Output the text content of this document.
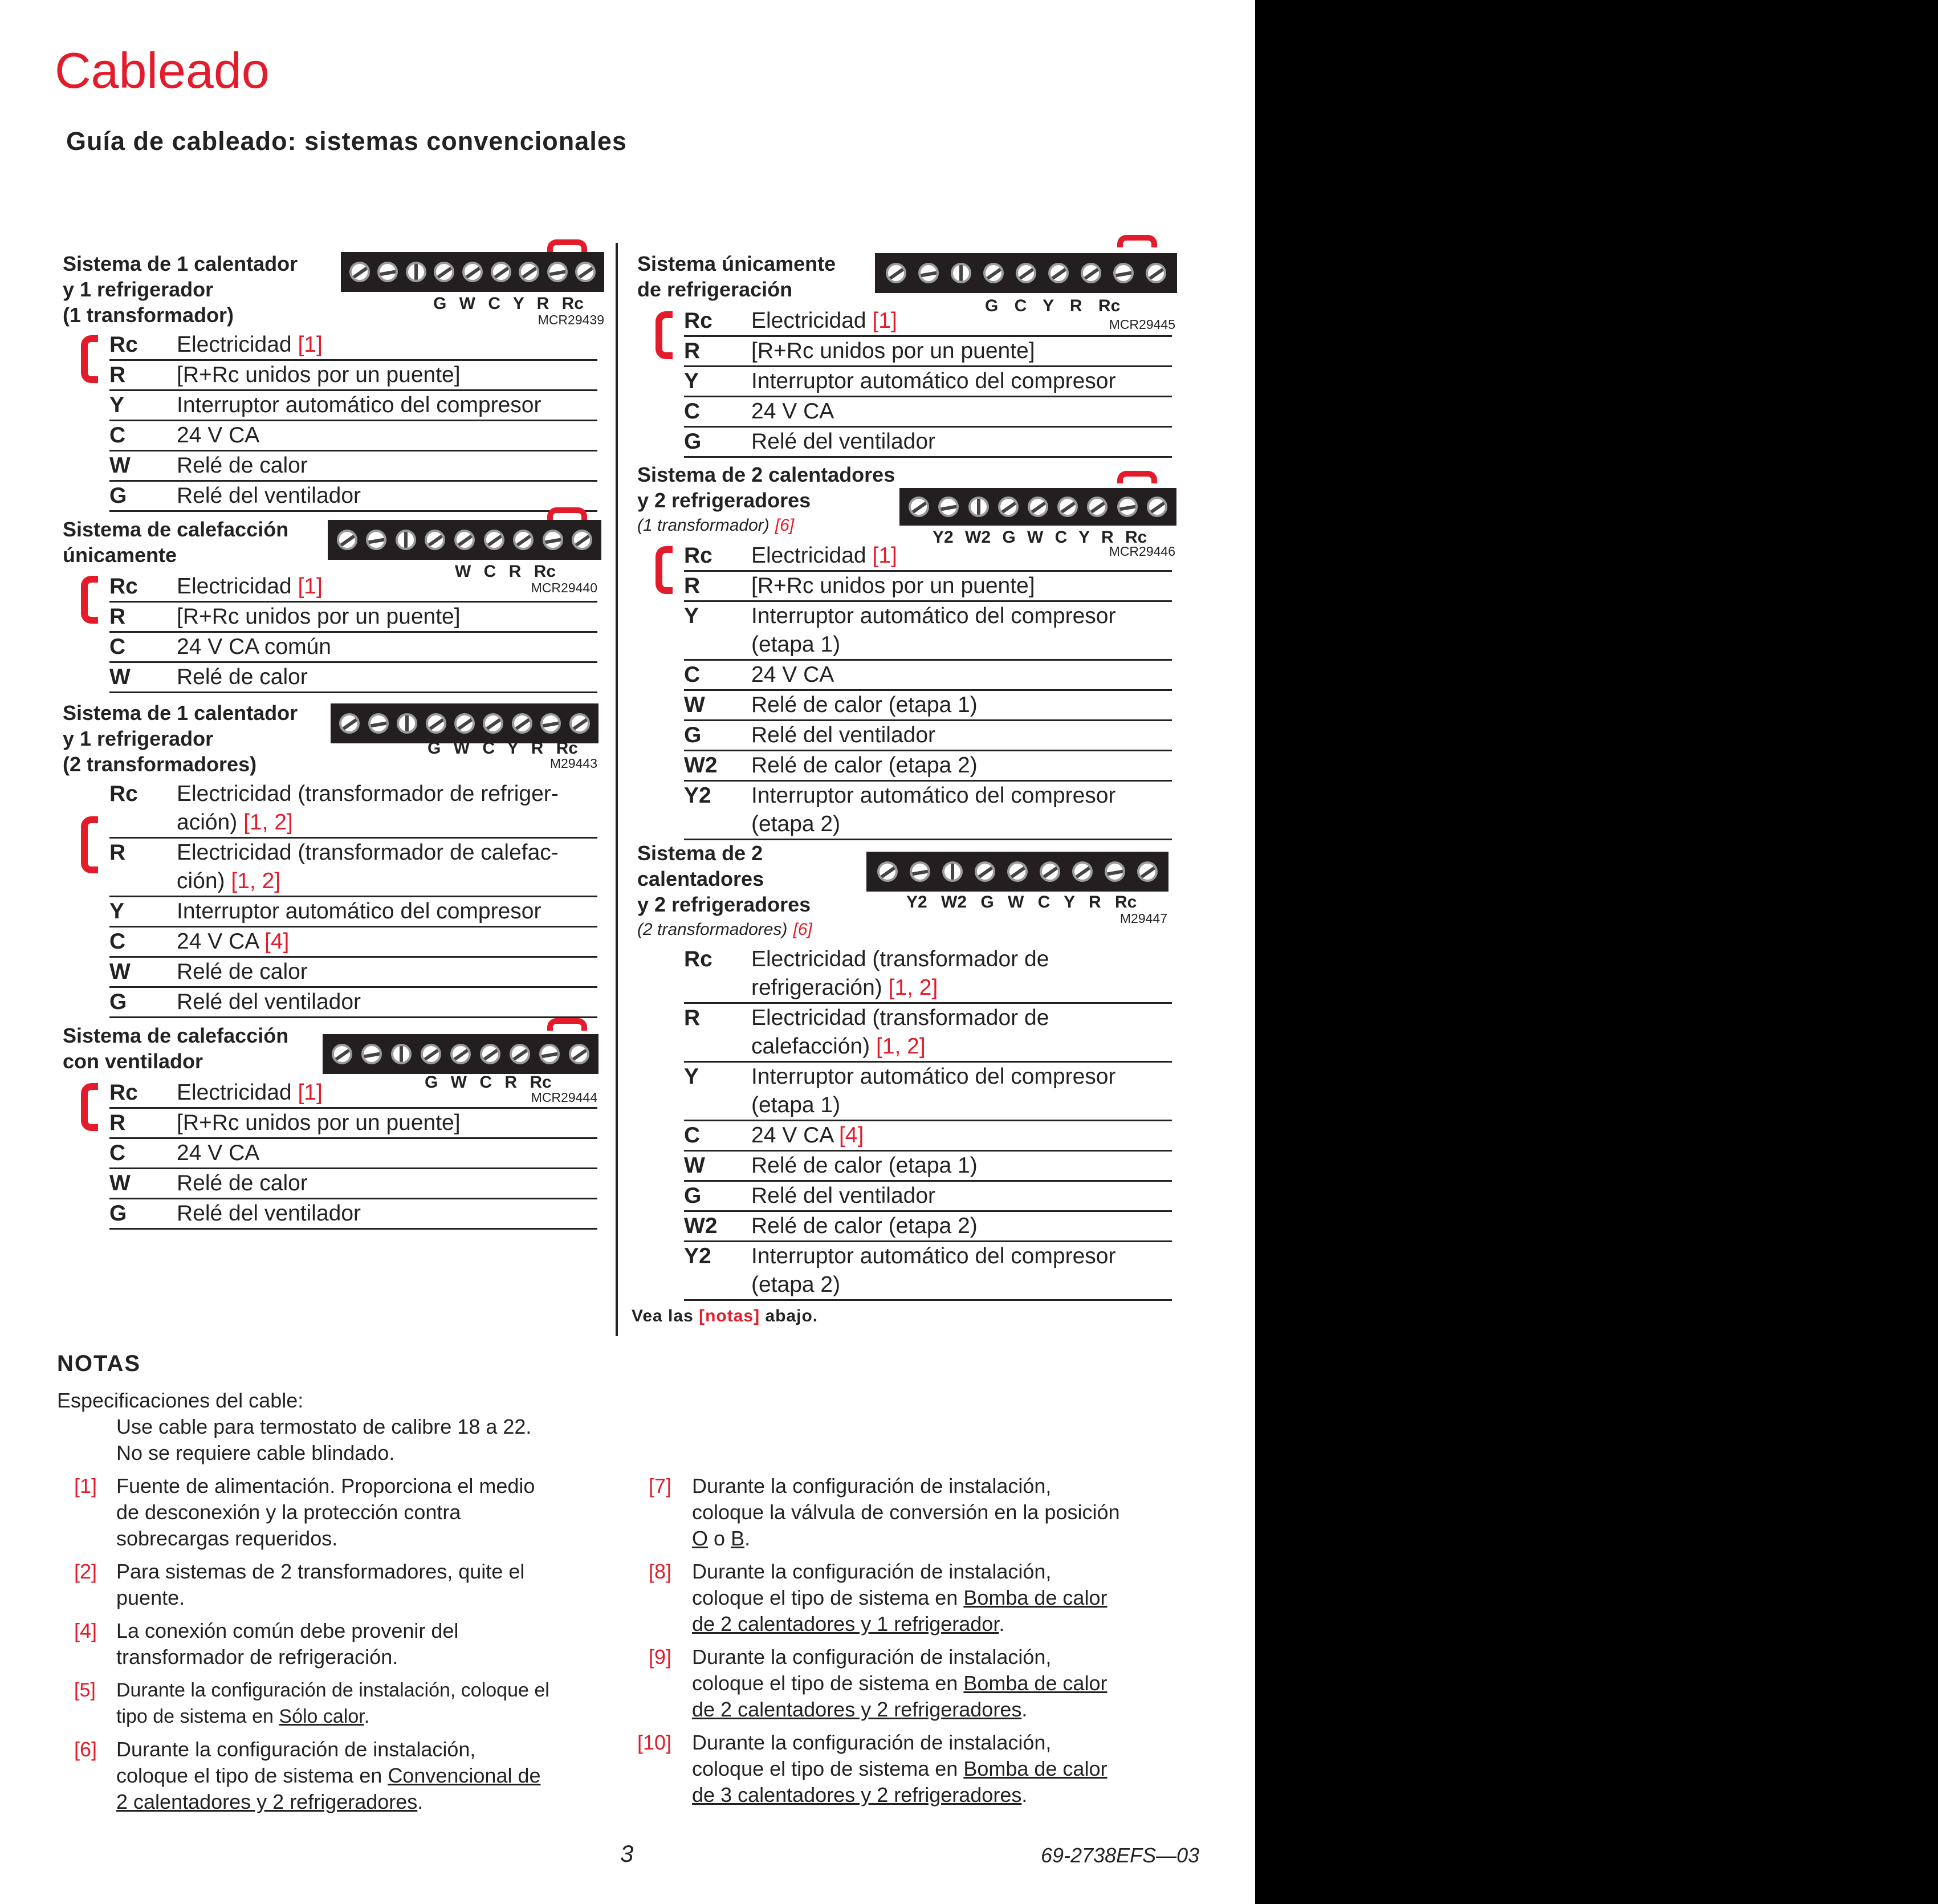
Cableado
Guía de cableado: sistemas convencionales
Sistema de 1 calentador
y 1 refrigerador
(1 transformador)	G W C Y R Rc
MCR29439
Rc	Electricidad [1]
R	[R+Rc unidos por un puente]
Y	Interruptor automático del compresor
C	24 V CA
W	Relé de calor
G	Relé del ventilador
Sistema de calefacción
únicamente
W C R Rc
MCR29440
Rc	Electricidad [1]
R	[R+Rc unidos por un puente]
C	24 V CA común
W	Relé de calor
Sistema de 1 calentador
y 1 refrigerador
(2 transformadores)
G W C Y R Rc
M29443
Rc	Electricidad (transformador de refriger-
ación) [1, 2]
R	Electricidad (transformador de calefac-
ción) [1, 2]
Y	Interruptor automático del compresor
C	24 V CA [4]
W	Relé de calor
G	Relé del ventilador
Sistema de calefacción
con ventilador
G W C R Rc
MCR29444
Rc	Electricidad [1]
R	[R+Rc unidos por un puente]
C	24 V CA
W	Relé de calor
G	Relé del ventilador
Sistema únicamente
de refrigeración
G C Y R Rc
MCR29445
Rc	Electricidad [1]
R	[R+Rc unidos por un puente]
Y	Interruptor automático del compresor
C	24 V CA
G	Relé del ventilador
Sistema de 2 calentadores
y 2 refrigeradores
(1 transformador) [6]
Y2 W2 G W C Y R Rc
MCR29446
Rc	Electricidad [1]
R	[R+Rc unidos por un puente]
Y	Interruptor automático del compresor
(etapa 1)
C	24 V CA
W	Relé de calor (etapa 1)
G	Relé del ventilador
W2	Relé de calor (etapa 2)
Y2	Interruptor automático del compresor
(etapa 2)
Sistema de 2
calentadores
y 2 refrigeradores
(2 transformadores) [6]
Y2 W2 G W C Y R Rc
M29447
Rc	Electricidad (transformador de
refrigeración) [1, 2]
R	Electricidad (transformador de
calefacción) [1, 2]
Y	Interruptor automático del compresor
(etapa 1)
C	24 V CA [4]
W	Relé de calor (etapa 1)
G	Relé del ventilador
W2	Relé de calor (etapa 2)
Y2	Interruptor automático del compresor
(etapa 2)
Vea las [notas] abajo.
NOTAS
Especificaciones del cable:
Use cable para termostato de calibre 18 a 22.
No se requiere cable blindado.
[1] Fuente de alimentación. Proporciona el medio
de desconexión y la protección contra
sobrecargas requeridos.
[2] Para sistemas de 2 transformadores, quite el
puente.
[4] La conexión común debe provenir del
transformador de refrigeración.
[5] Durante la configuración de instalación, coloque el
tipo de sistema en Sólo calor.
[6] Durante la configuración de instalación,
coloque el tipo de sistema en Convencional de
2 calentadores y 2 refrigeradores.
[7] Durante la configuración de instalación,
coloque la válvula de conversión en la posición
O o B.
[8] Durante la configuración de instalación,
coloque el tipo de sistema en Bomba de calor
de 2 calentadores y 1 refrigerador.
[9] Durante la configuración de instalación,
coloque el tipo de sistema en Bomba de calor
de 2 calentadores y 2 refrigeradores.
[10] Durante la configuración de instalación,
coloque el tipo de sistema en Bomba de calor
de 3 calentadores y 2 refrigeradores.
3	69-2738EFS—03
